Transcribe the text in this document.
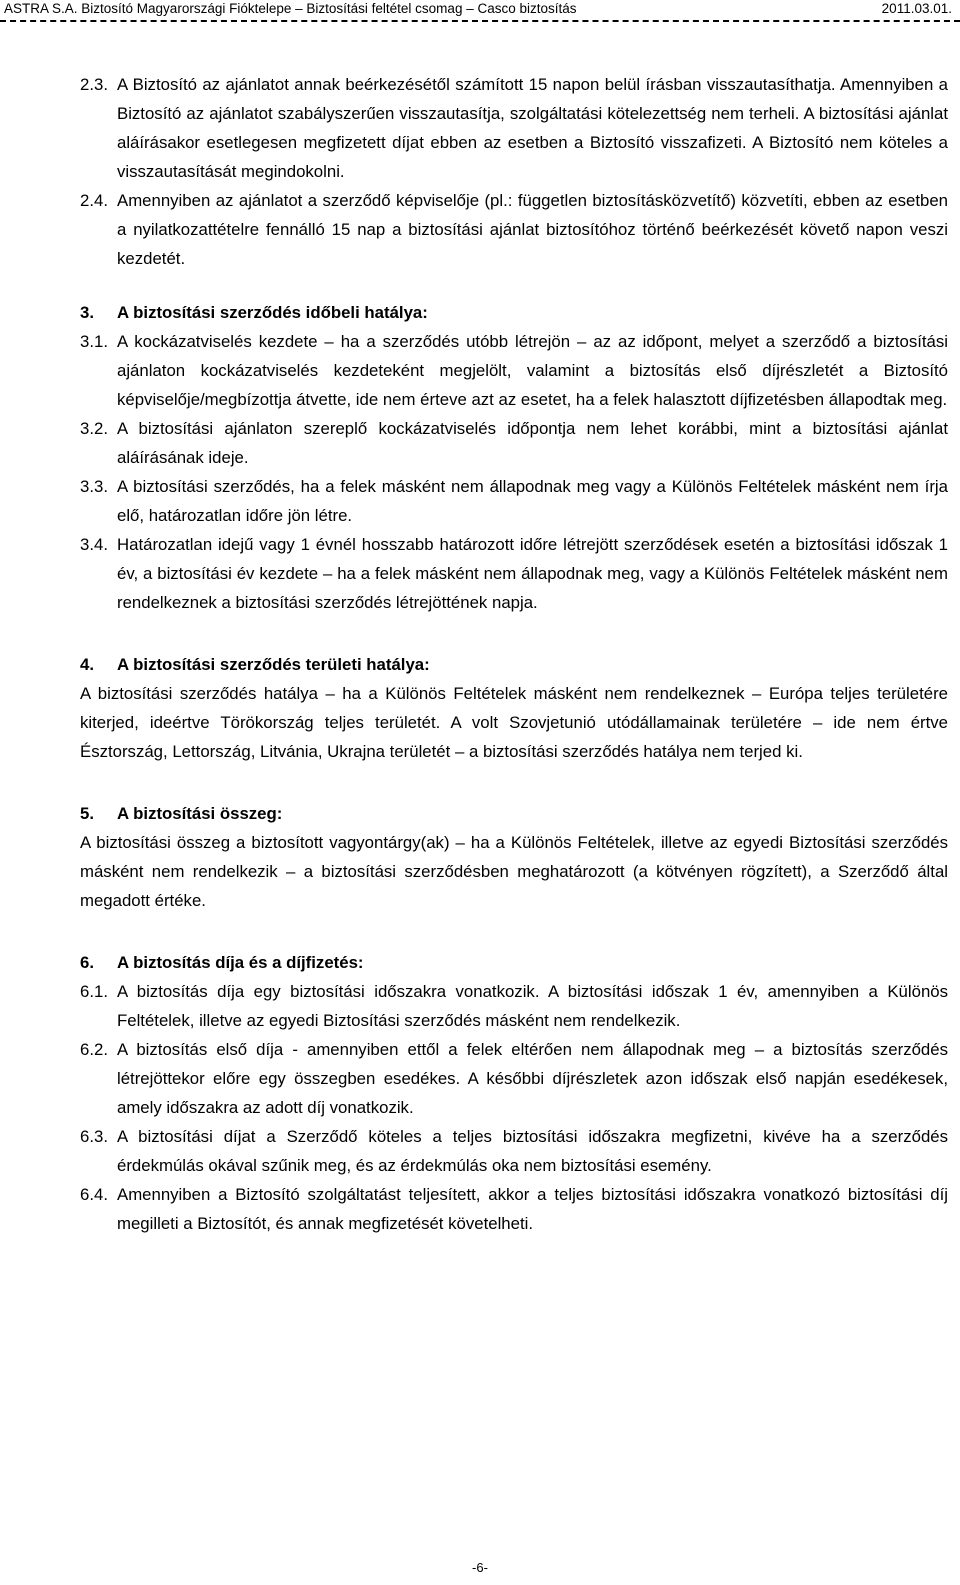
ASTRA S.A. Biztosító Magyarországi Fióktelepe – Biztosítási feltétel csomag – Casco biztosítás	2011.03.01.
2.3. A Biztosító az ajánlatot annak beérkezésétől számított 15 napon belül írásban visszautasíthatja. Amennyiben a Biztosító az ajánlatot szabályszerűen visszautasítja, szolgáltatási kötelezettség nem terheli. A biztosítási ajánlat aláírásakor esetlegesen megfizetett díjat ebben az esetben a Biztosító visszafizeti. A Biztosító nem köteles a visszautasítását megindokolni.
2.4. Amennyiben az ajánlatot a szerződő képviselője (pl.: független biztosításközvetítő) közvetíti, ebben az esetben a nyilatkozattételre fennálló 15 nap a biztosítási ajánlat biztosítóhoz történő beérkezését követő napon veszi kezdetét.
3. A biztosítási szerződés időbeli hatálya:
3.1. A kockázatviselés kezdete – ha a szerződés utóbb létrejön – az az időpont, melyet a szerződő a biztosítási ajánlaton kockázatviselés kezdeteként megjelölt, valamint a biztosítás első díjrészletét a Biztosító képviselője/megbízottja átvette, ide nem érteve azt az esetet, ha a felek halasztott díjfizetésben állapodtak meg.
3.2. A biztosítási ajánlaton szereplő kockázatviselés időpontja nem lehet korábbi, mint a biztosítási ajánlat aláírásának ideje.
3.3. A biztosítási szerződés, ha a felek másként nem állapodnak meg vagy a Különös Feltételek másként nem írja elő, határozatlan időre jön létre.
3.4. Határozatlan idejű vagy 1 évnél hosszabb határozott időre létrejött szerződések esetén a biztosítási időszak 1 év, a biztosítási év kezdete – ha a felek másként nem állapodnak meg, vagy a Különös Feltételek másként nem rendelkeznek a biztosítási szerződés létrejöttének napja.
4. A biztosítási szerződés területi hatálya:
A biztosítási szerződés hatálya – ha a Különös Feltételek másként nem rendelkeznek – Európa teljes területére kiterjed, ideértve Törökország teljes területét. A volt Szovjetunió utódállamainak területére – ide nem értve Észtország, Lettország, Litvánia, Ukrajna területét – a biztosítási szerződés hatálya nem terjed ki.
5. A biztosítási összeg:
A biztosítási összeg a biztosított vagyontárgy(ak) – ha a Különös Feltételek, illetve az egyedi Biztosítási szerződés másként nem rendelkezik – a biztosítási szerződésben meghatározott (a kötvényen rögzített), a Szerződő által megadott értéke.
6. A biztosítás díja és a díjfizetés:
6.1. A biztosítás díja egy biztosítási időszakra vonatkozik. A biztosítási időszak 1 év, amennyiben a Különös Feltételek, illetve az egyedi Biztosítási szerződés másként nem rendelkezik.
6.2. A biztosítás első díja - amennyiben ettől a felek eltérően nem állapodnak meg – a biztosítás szerződés létrejöttekor előre egy összegben esedékes. A későbbi díjrészletek azon időszak első napján esedékesek, amely időszakra az adott díj vonatkozik.
6.3. A biztosítási díjat a Szerződő köteles a teljes biztosítási időszakra megfizetni, kivéve ha a szerződés érdekmúlás okával szűnik meg, és az érdekmúlás oka nem biztosítási esemény.
6.4. Amennyiben a Biztosító szolgáltatást teljesített, akkor a teljes biztosítási időszakra vonatkozó biztosítási díj megilleti a Biztosítót, és annak megfizetését követelheti.
-6-
